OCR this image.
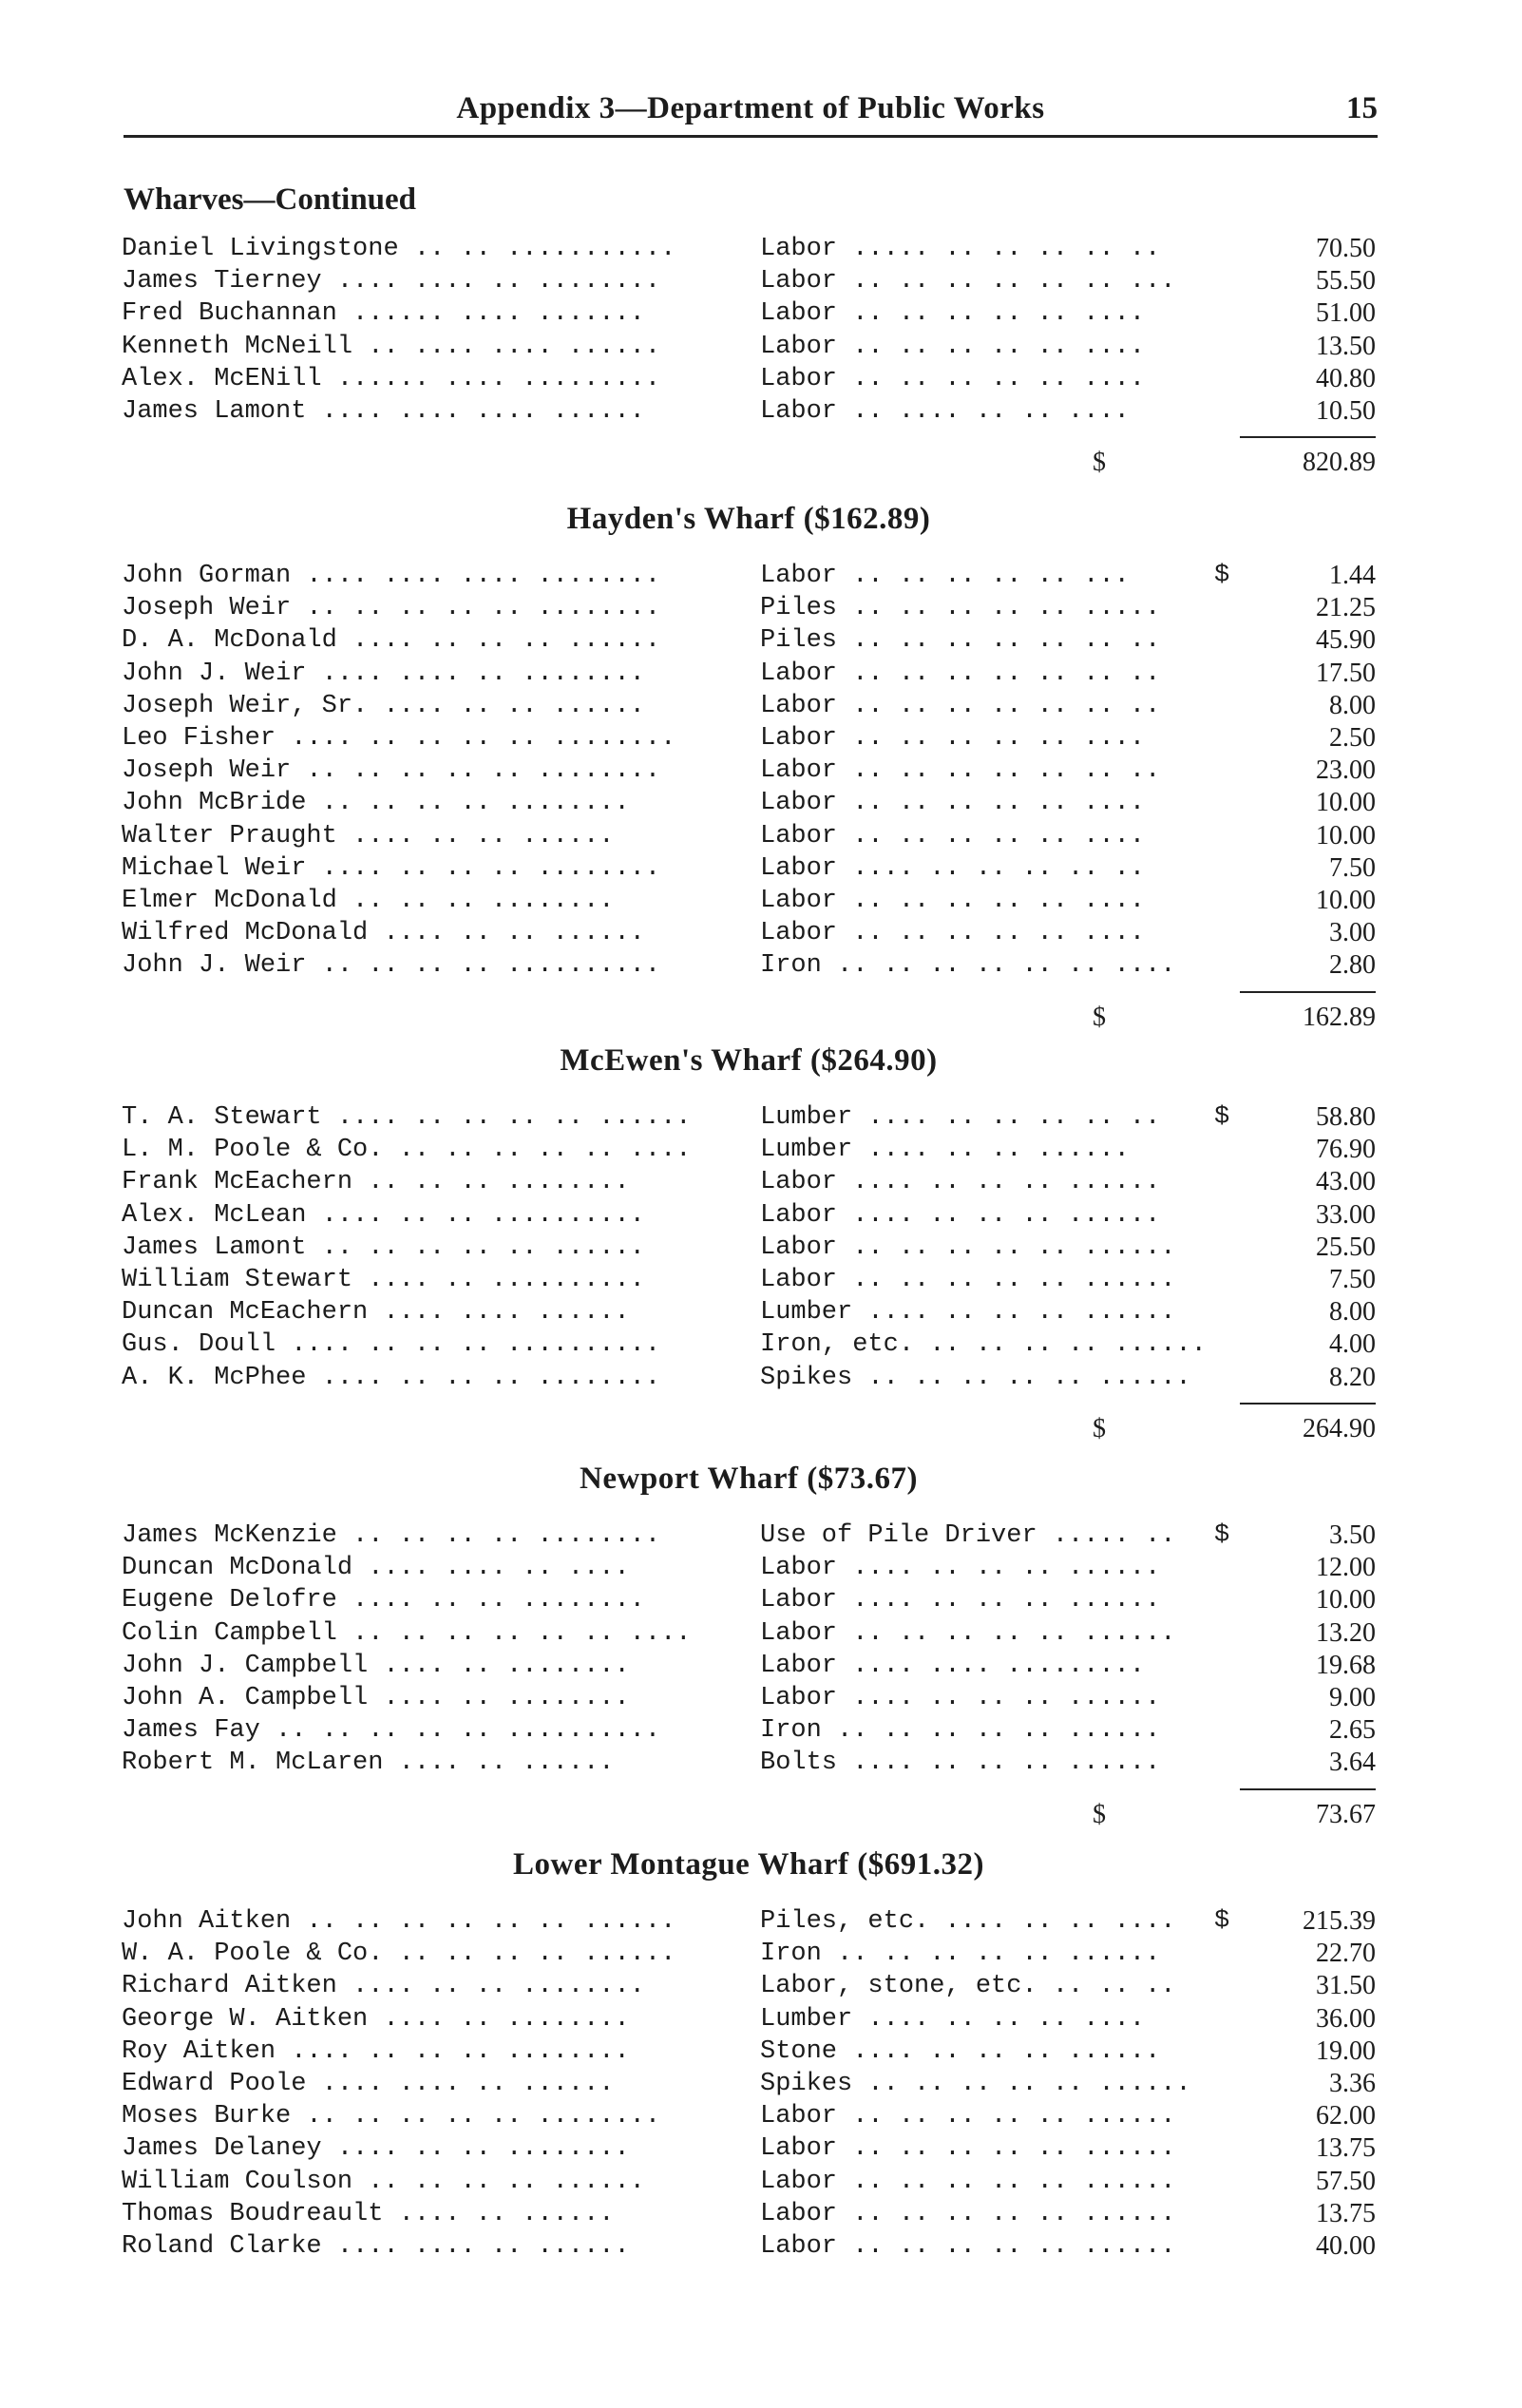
Appendix 3—Department of Public Works	15
Wharves—Continued
Daniel Livingstone .. .. ...........	Labor ..... .. .. .. .. ..	70.50
James Tierney .... .... .. ........	Labor .. .. .. .. .. .. ...	55.50
Fred Buchannan ...... .... .......	Labor .. .. .. .. .. ....	51.00
Kenneth McNeill .. .... .... ......	Labor .. .. .. .. .. ....	13.50
Alex. McENill ...... .... .........	Labor .. .. .. .. .. ....	40.80
James Lamont .... .... .... ......	Labor .. .... .. .. ....	10.50
$	820.89
Hayden's Wharf ($162.89)
John Gorman .... .... .... ........	Labor .. .. .. .. .. ...	$	1.44
Joseph Weir .. .. .. .. .. ........	Piles .. .. .. .. .. .....	21.25
D. A. McDonald .... .. .. .. ......	Piles .. .. .. .. .. .. ..	45.90
John J. Weir .... .... .. ........	Labor .. .. .. .. .. .. ..	17.50
Joseph Weir, Sr. .... .. .. ......	Labor .. .. .. .. .. .. ..	8.00
Leo Fisher .... .. .. .. .. ........	Labor .. .. .. .. .. ....	2.50
Joseph Weir .. .. .. .. .. ........	Labor .. .. .. .. .. .. ..	23.00
John McBride .. .. .. .. ........	Labor .. .. .. .. .. ....	10.00
Walter Praught .... .. .. ......	Labor .. .. .. .. .. ....	10.00
Michael Weir .... .. .. .. ........	Labor .... .. .. .. .. ..	7.50
Elmer McDonald .. .. .. ........	Labor .. .. .. .. .. ....	10.00
Wilfred McDonald .... .. .. ......	Labor .. .. .. .. .. ....	3.00
John J. Weir .. .. .. .. ..........	Iron .. .. .. .. .. .. ....	2.80
$	162.89
McEwen's Wharf ($264.90)
T. A. Stewart .... .. .. .. .. ......	Lumber .... .. .. .. .. ..	$	58.80
L. M. Poole & Co. .. .. .. .. .. ....	Lumber .... .. .. ......	76.90
Frank McEachern .. .. .. ........	Labor .... .. .. .. ......	43.00
Alex. McLean .... .. .. ..........	Labor .... .. .. .. ......	33.00
James Lamont .. .. .. .. .. ......	Labor .. .. .. .. .. ......	25.50
William Stewart .... .. ..........	Labor .. .. .. .. .. ......	7.50
Duncan McEachern .... .... ......	Lumber .... .. .. .. ......	8.00
Gus. Doull .... .. .. .. ..........	Iron, etc. .. .. .. .. ......	4.00
A. K. McPhee .... .. .. .. ........	Spikes .. .. .. .. .. ......	8.20
$	264.90
Newport Wharf ($73.67)
James McKenzie .. .. .. .. ........	Use of Pile Driver ..... ..	$	3.50
Duncan McDonald .... .... .. ....	Labor .... .. .. .. ......	12.00
Eugene Delofre .... .. .. ........	Labor .... .. .. .. ......	10.00
Colin Campbell .. .. .. .. .. .. ....	Labor .. .. .. .. .. ......	13.20
John J. Campbell .... .. ........	Labor .... .... .........	19.68
John A. Campbell .... .. ........	Labor .... .. .. .. ......	9.00
James Fay .. .. .. .. .. ..........	Iron .. .. .. .. .. ......	2.65
Robert M. McLaren .... .. ......	Bolts .... .. .. .. ......	3.64
$	73.67
Lower Montague Wharf ($691.32)
John Aitken .. .. .. .. .. .. ......	Piles, etc. .... .. .. ....	$	215.39
W. A. Poole & Co. .. .. .. .. ......	Iron .. .. .. .. .. ......	22.70
Richard Aitken .... .. .. ........	Labor, stone, etc. .. .. ..	31.50
George W. Aitken .... .. ........	Lumber .... .. .. .. ....	36.00
Roy Aitken .... .. .. .. ........	Stone .... .. .. .. ......	19.00
Edward Poole .... .... .. ......	Spikes .. .. .. .. .. ......	3.36
Moses Burke .. .. .. .. .. ........	Labor .. .. .. .. .. ......	62.00
James Delaney .... .. .. ........	Labor .. .. .. .. .. ......	13.75
William Coulson .. .. .. .. ......	Labor .. .. .. .. .. ......	57.50
Thomas Boudreault .... .. ......	Labor .. .. .. .. .. ......	13.75
Roland Clarke .... .... .. ......	Labor .. .. .. .. .. ......	40.00
